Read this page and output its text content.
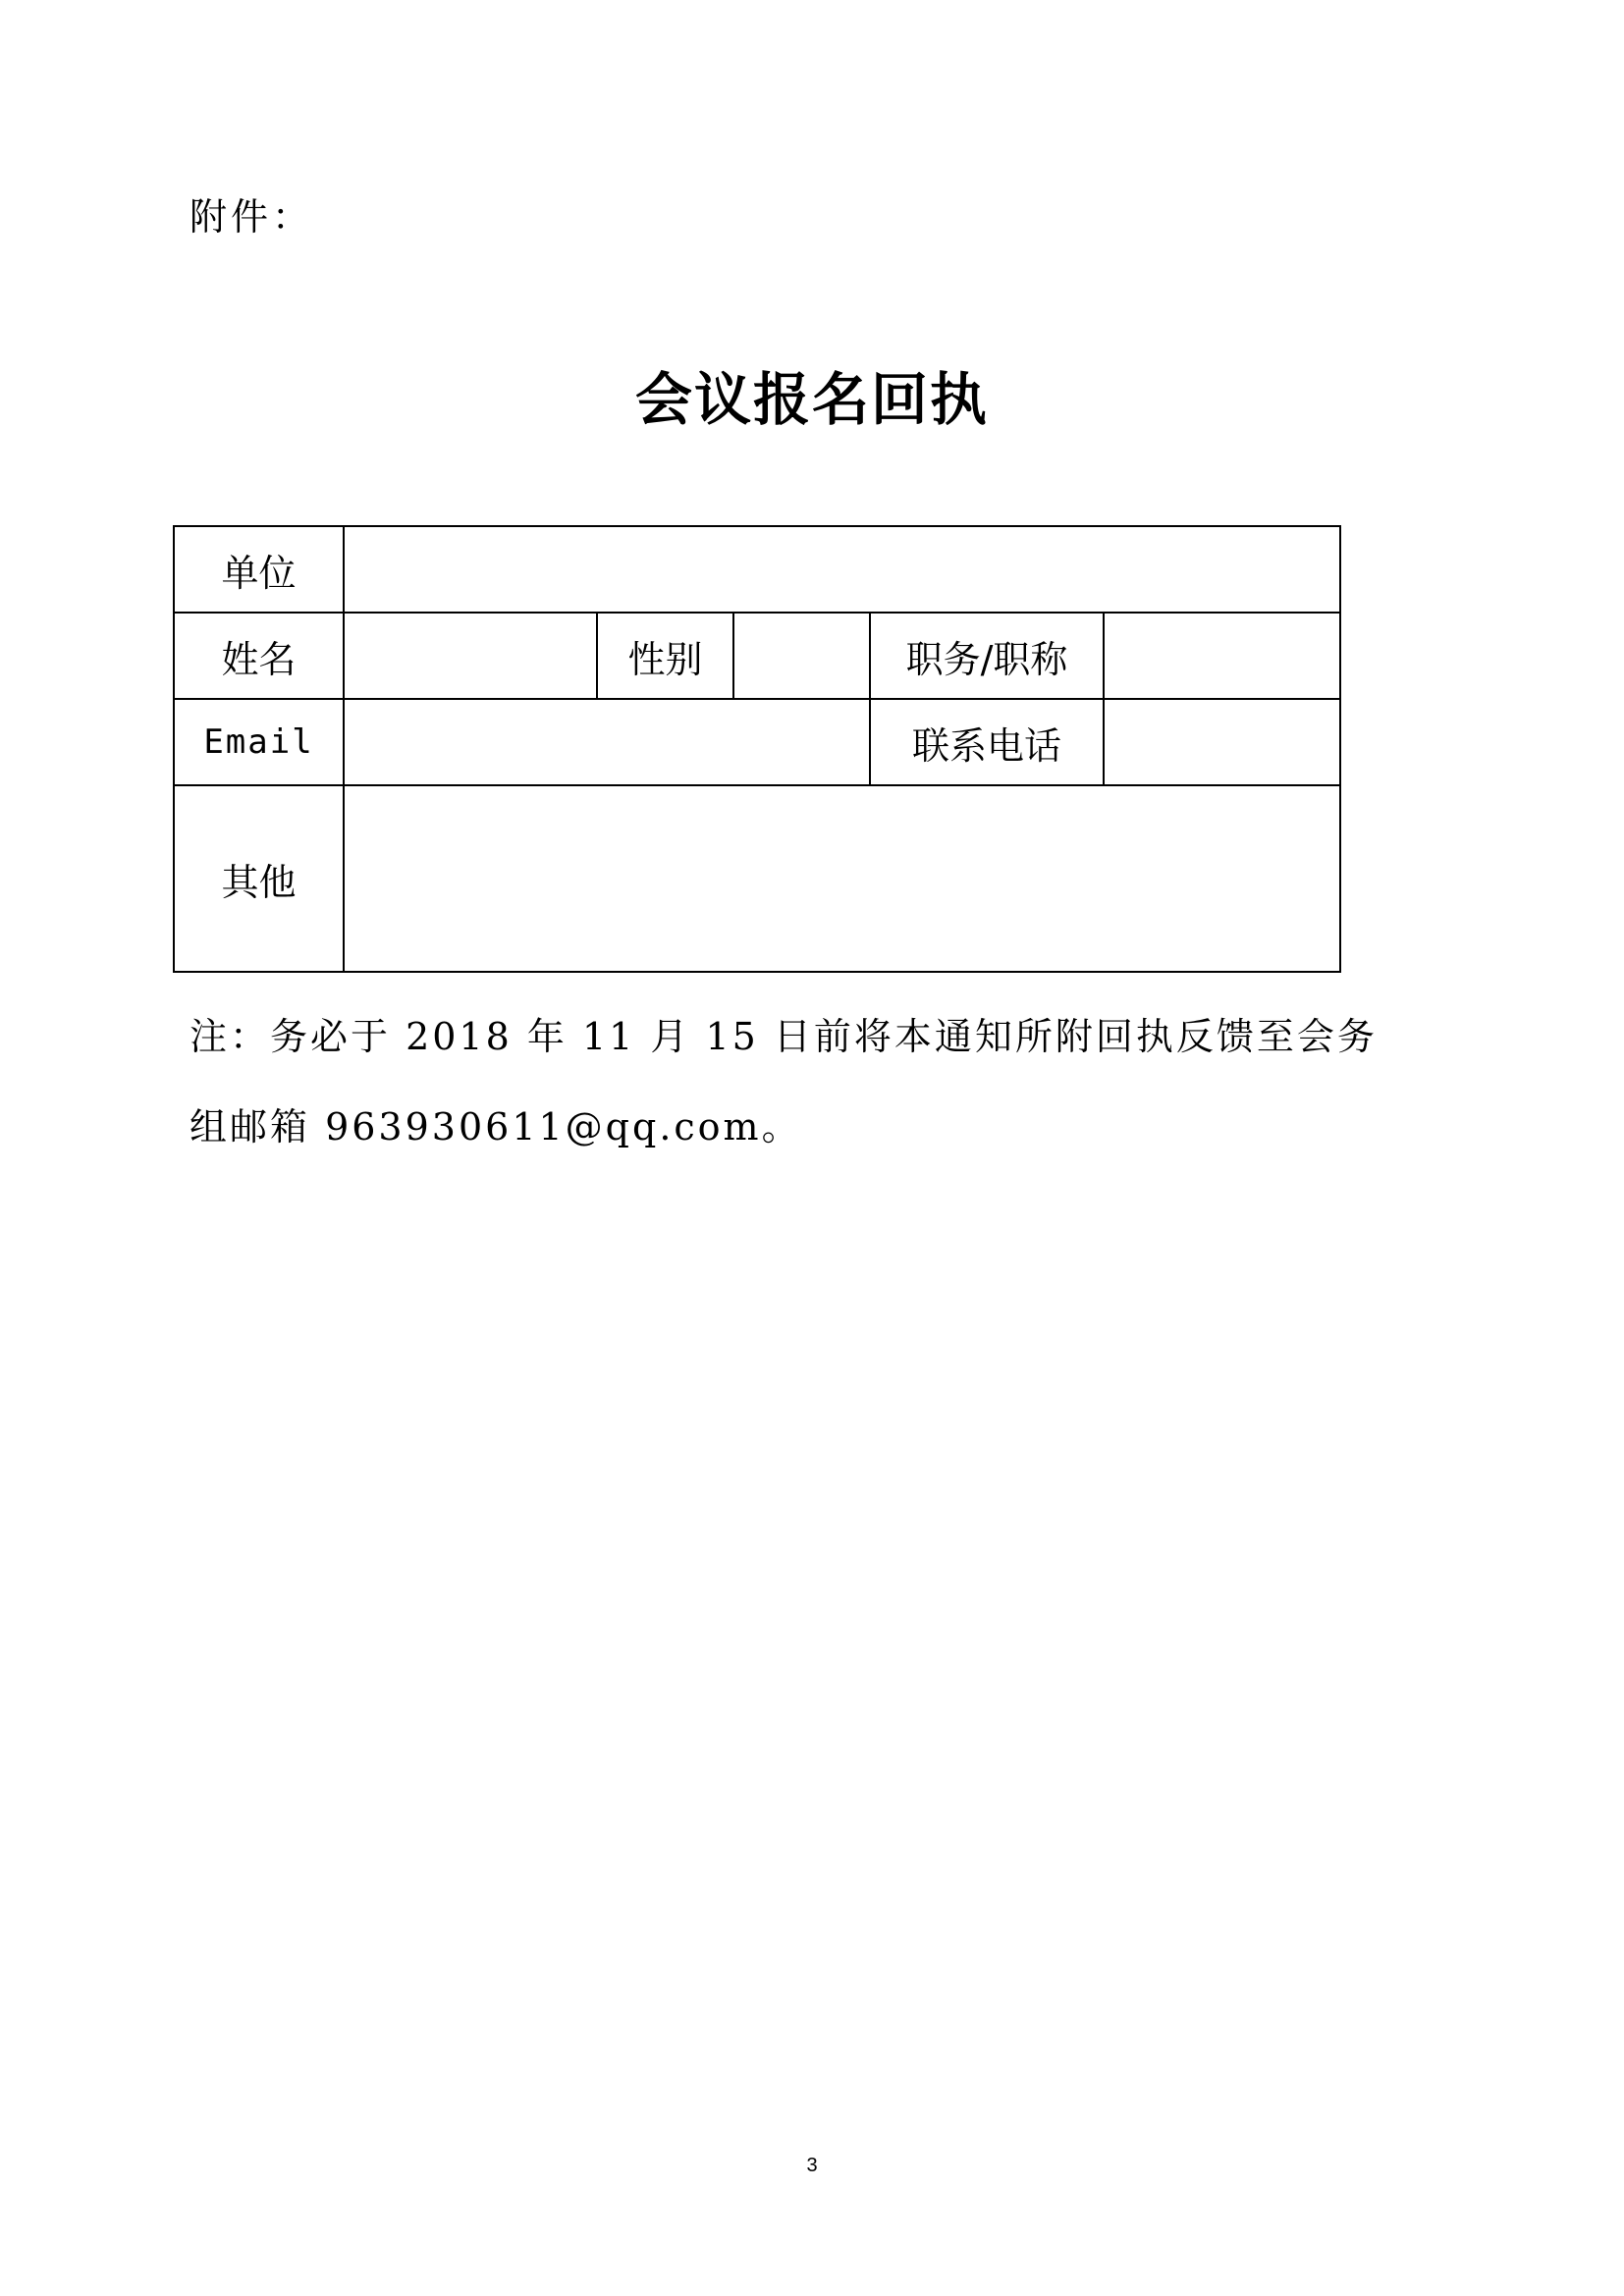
附件：
会议报名回执
单位					
姓名		性别		职务/职称	
Email				联系电话	
其他					
注：务必于 2018 年 11 月 15 日前将本通知所附回执反馈至会务
组邮箱 963930611@qq.com。
3
